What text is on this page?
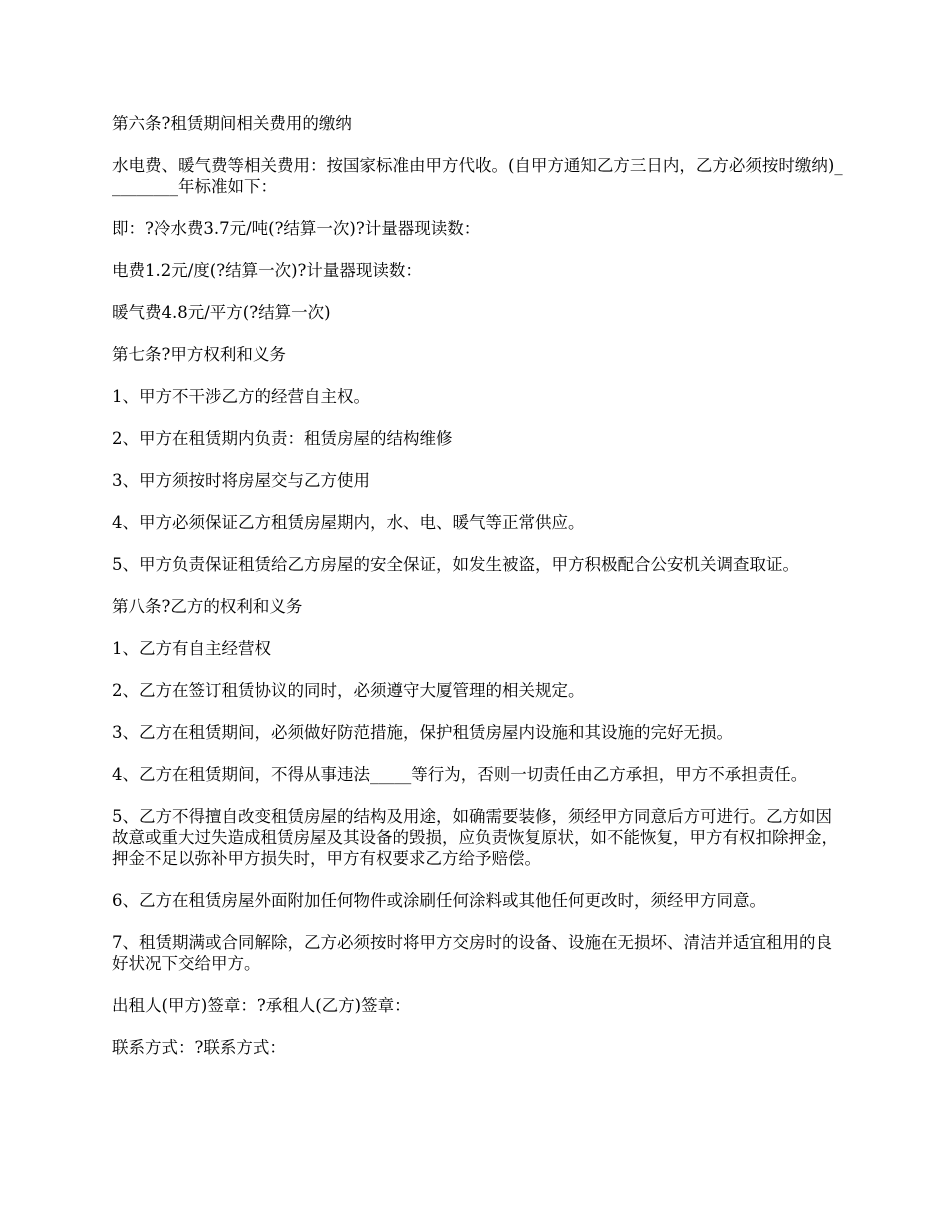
第六条?租赁期间相关费用的缴纳

水电费、暖气费等相关费用：按国家标准由甲方代收。(自甲方通知乙方三日内，乙方必须按时缴纳)_________年标准如下：

即：?冷水费3.7元/吨(?结算一次)?计量器现读数：

电费1.2元/度(?结算一次)?计量器现读数：

暖气费4.8元/平方(?结算一次)

第七条?甲方权利和义务

1、甲方不干涉乙方的经营自主权。

2、甲方在租赁期内负责：租赁房屋的结构维修

3、甲方须按时将房屋交与乙方使用

4、甲方必须保证乙方租赁房屋期内，水、电、暖气等正常供应。

5、甲方负责保证租赁给乙方房屋的安全保证，如发生被盗，甲方积极配合公安机关调查取证。

第八条?乙方的权利和义务

1、乙方有自主经营权

2、乙方在签订租赁协议的同时，必须遵守大厦管理的相关规定。

3、乙方在租赁期间，必须做好防范措施，保护租赁房屋内设施和其设施的完好无损。

4、乙方在租赁期间，不得从事违法_____等行为，否则一切责任由乙方承担，甲方不承担责任。

5、乙方不得擅自改变租赁房屋的结构及用途，如确需要装修，须经甲方同意后方可进行。乙方如因故意或重大过失造成租赁房屋及其设备的毁损，应负责恢复原状，如不能恢复，甲方有权扣除押金，押金不足以弥补甲方损失时，甲方有权要求乙方给予赔偿。

6、乙方在租赁房屋外面附加任何物件或涂刷任何涂料或其他任何更改时，须经甲方同意。

7、租赁期满或合同解除，乙方必须按时将甲方交房时的设备、设施在无损坏、清洁并适宜租用的良好状况下交给甲方。

出租人(甲方)签章：?承租人(乙方)签章：

联系方式：?联系方式：
